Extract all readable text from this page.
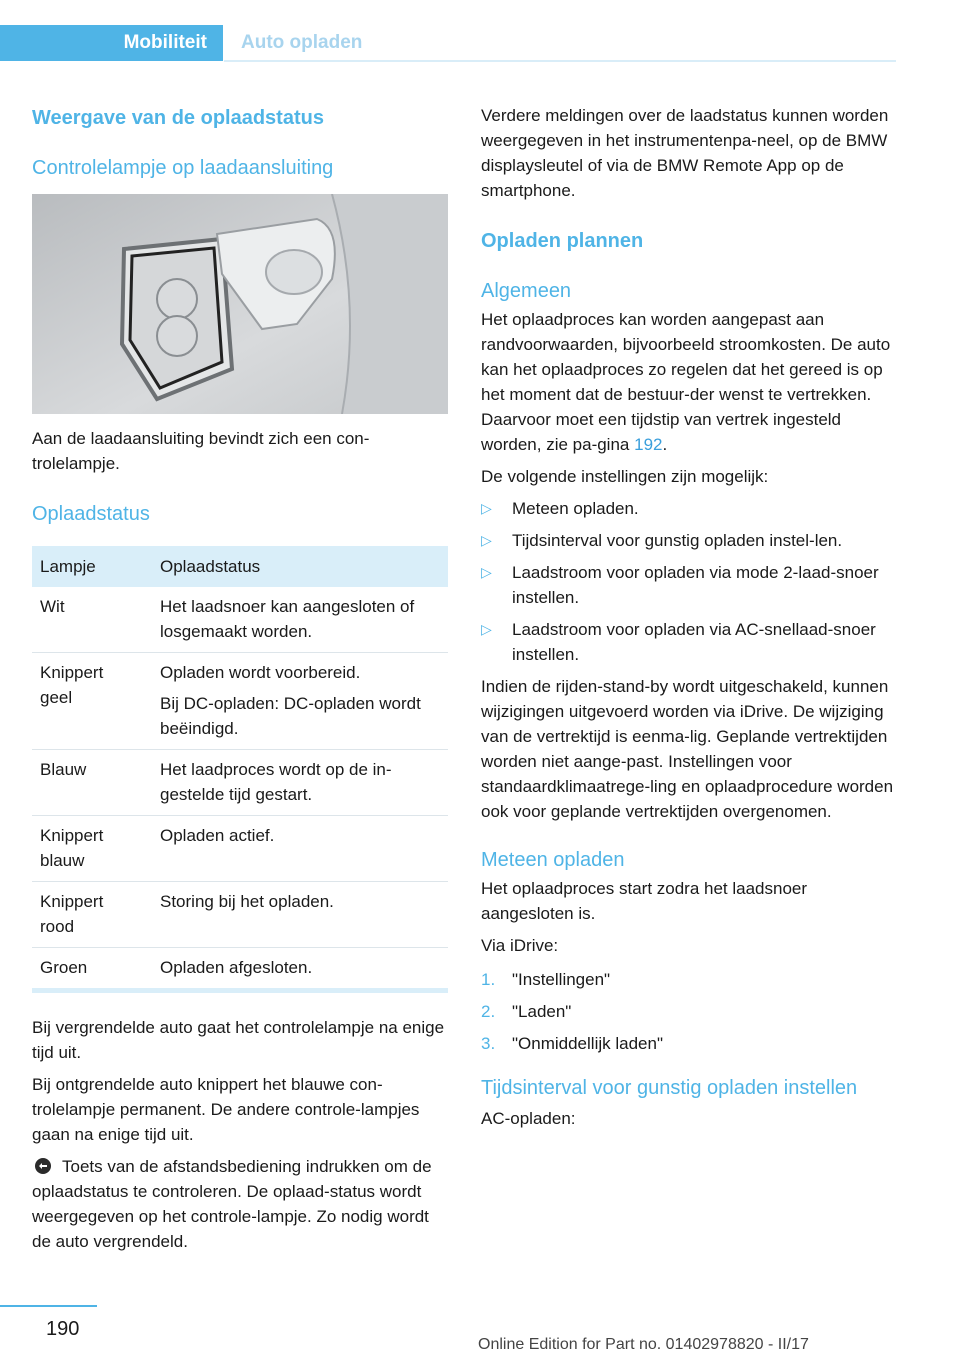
Mobiliteit	Auto opladen
Weergave van de oplaadstatus
Controlelampje op laadaansluiting

Aan de laadaansluiting bevindt zich een con‐trolelampje.

Oplaadstatus
Lampje	Oplaadstatus
Wit	Het laadsnoer kan aangesloten of losgemaakt worden.

Knippert geel	Opladen wordt voorbereid.
Bij DC-opladen: DC-opladen wordt beëindigd.

Blauw	Het laadproces wordt op de in‐gestelde tijd gestart.

Knippert blauw	Opladen actief.

Knippert rood	Storing bij het opladen.
Groen	Opladen afgesloten.

Bij vergrendelde auto gaat het controlelampje na enige tijd uit.

Bij ontgrendelde auto knippert het blauwe con‐trolelampje permanent. De andere controle‐lampjes gaan na enige tijd uit.

Toets van de afstandsbediening indrukken om de oplaadstatus te controleren. De oplaad‐status wordt weergegeven op het controle‐lampje. Zo nodig wordt de auto vergrendeld.

Verdere meldingen over de laadstatus kunnen worden weergegeven in het instrumentenpa‐neel, op de BMW displaysleutel of via de BMW Remote App op de smartphone.

Opladen plannen
Algemeen

Het oplaadproces kan worden aangepast aan randvoorwaarden, bijvoorbeeld stroomkosten. De auto kan het oplaadproces zo regelen dat het gereed is op het moment dat de bestuur‐der wenst te vertrekken. Daarvoor moet een tijdstip van vertrek ingesteld worden, zie pa‐gina 192.

De volgende instellingen zijn mogelijk:

▷ Meteen opladen.
▷ Tijdsinterval voor gunstig opladen instel‐len.
▷ Laadstroom voor opladen via mode 2-laad‐snoer instellen.
▷ Laadstroom voor opladen via AC-snellaad‐snoer instellen.

Indien de rijden-stand-by wordt uitgeschakeld, kunnen wijzigingen uitgevoerd worden via iDrive. De wijziging van de vertrektijd is eenma‐lig. Geplande vertrektijden worden niet aange‐past. Instellingen voor standaardklimaatrege‐ling en oplaadprocedure worden ook voor geplande vertrektijden overgenomen.

Meteen opladen

Het oplaadproces start zodra het laadsnoer aangesloten is.

Via iDrive:

1. "Instellingen"
2. "Laden"
3. "Onmiddellijk laden"
Tijdsinterval voor gunstig opladen instellen

AC-opladen:

190
Online Edition for Part no. 01402978820 - II/17
